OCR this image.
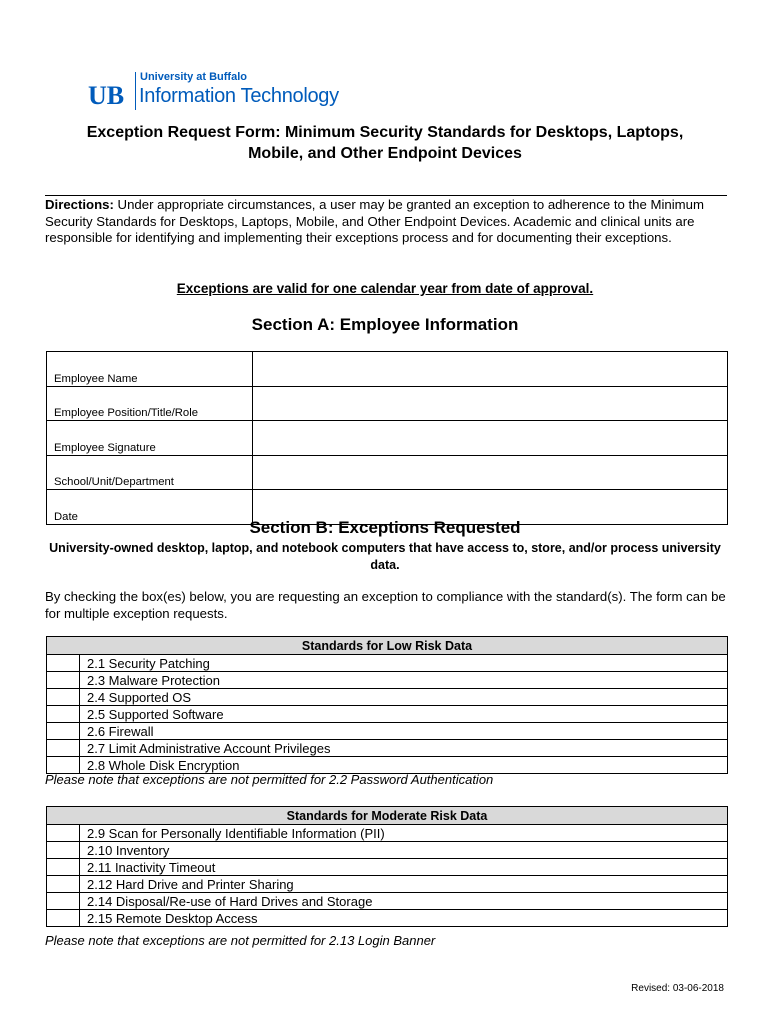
UB
University at Buffalo
Information Technology
Exception Request Form: Minimum Security Standards for Desktops, Laptops,
Mobile, and Other Endpoint Devices
Directions: Under appropriate circumstances, a user may be granted an exception to adherence to the Minimum Security Standards for Desktops, Laptops, Mobile, and Other Endpoint Devices. Academic and clinical units are responsible for identifying and implementing their exceptions process and for documenting their exceptions.
Exceptions are valid for one calendar year from date of approval.
Section A: Employee Information
Employee Name	
Employee Position/Title/Role	
Employee Signature	
School/Unit/Department	
Date	
Section B: Exceptions Requested
University-owned desktop, laptop, and notebook computers that have access to, store, and/or process university data.
By checking the box(es) below, you are requesting an exception to compliance with the standard(s). The form can be for multiple exception requests.
Standards for Low Risk Data	
	2.1 Security Patching
	2.3 Malware Protection
	2.4 Supported OS
	2.5 Supported Software
	2.6 Firewall
	2.7 Limit Administrative Account Privileges
	2.8 Whole Disk Encryption
Please note that exceptions are not permitted for 2.2 Password Authentication
Standards for Moderate Risk Data	
	2.9 Scan for Personally Identifiable Information (PII)
	2.10 Inventory
	2.11 Inactivity Timeout
	2.12 Hard Drive and Printer Sharing
	2.14 Disposal/Re-use of Hard Drives and Storage
	2.15 Remote Desktop Access
Please note that exceptions are not permitted for 2.13 Login Banner
Revised: 03-06-2018
